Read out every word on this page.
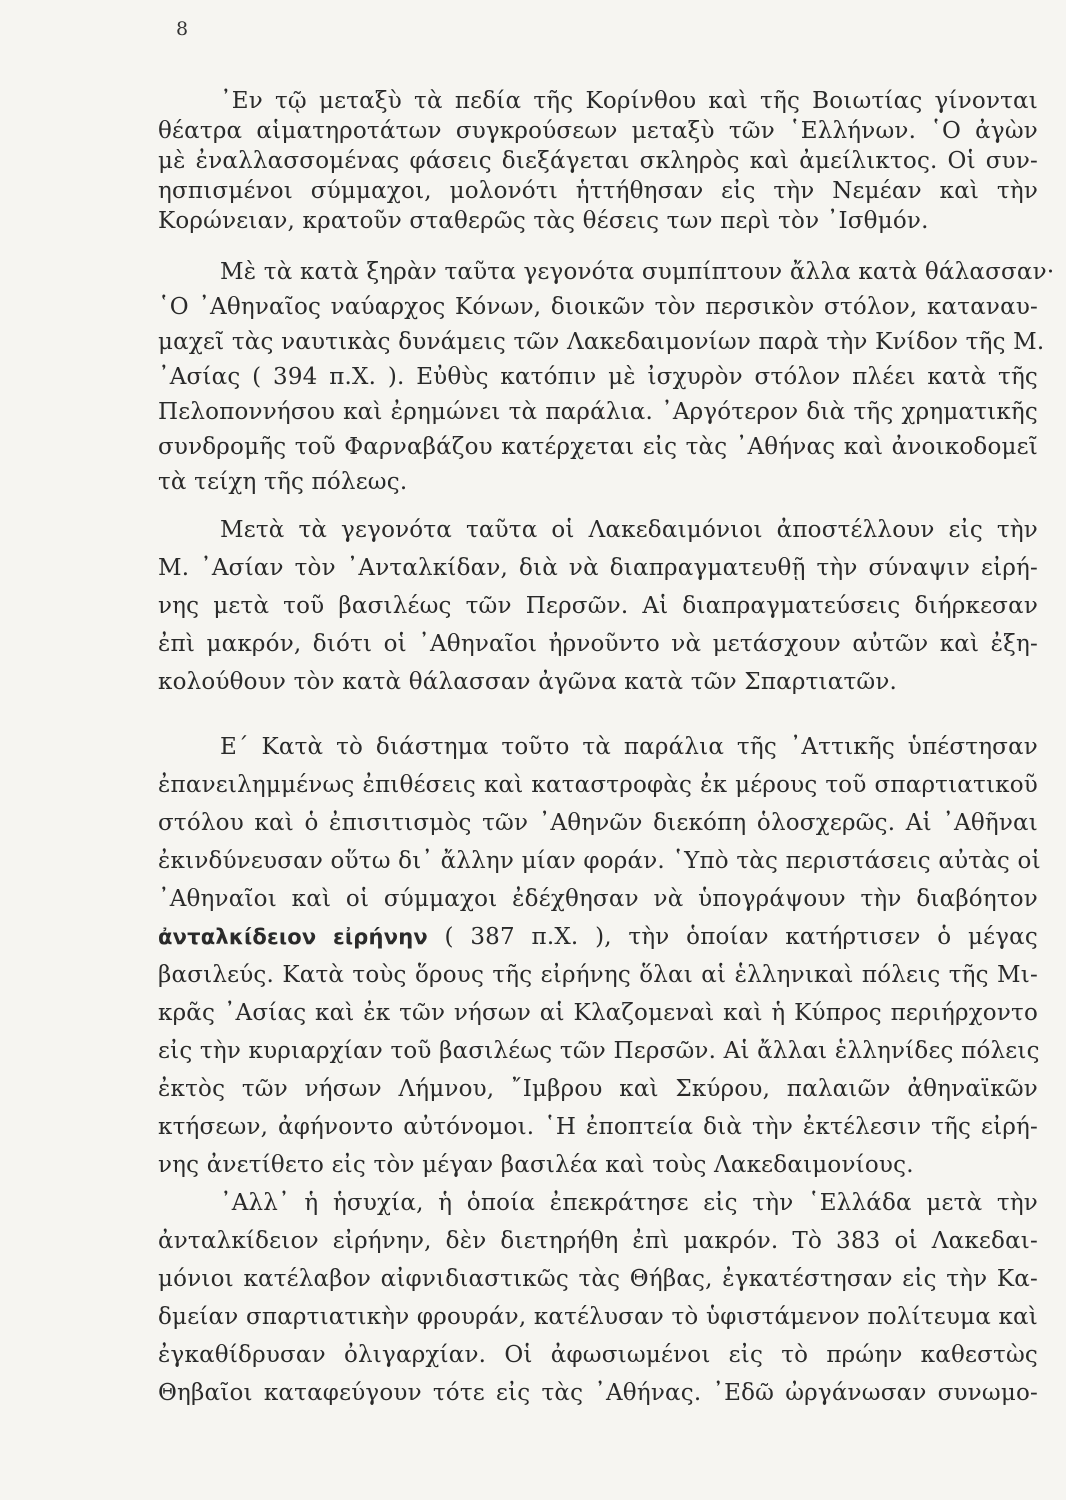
8
᾿Εν τῷ μεταξὺ τὰ πεδία τῆς Κορίνθου καὶ τῆς Βοιωτίας γίνονται
θέατρα αἱματηροτάτων συγκρούσεων μεταξὺ τῶν ῾Ελλήνων. ῾Ο ἀγὼν
μὲ ἐναλλασσομένας φάσεις διεξάγεται σκληρὸς καὶ ἀμείλικτος. Οἱ συν-
ησπισμένοι σύμμαχοι, μολονότι ἡττήθησαν εἰς τὴν Νεμέαν καὶ τὴν
Κορώνειαν, κρατοῦν σταθερῶς τὰς θέσεις των περὶ τὸν ᾿Ισθμόν.
Μὲ τὰ κατὰ ξηρὰν ταῦτα γεγονότα συμπίπτουν ἄλλα κατὰ θάλασσαν·
῾Ο ᾿Αθηναῖος ναύαρχος Κόνων, διοικῶν τὸν περσικὸν στόλον, καταναυ-
μαχεῖ τὰς ναυτικὰς δυνάμεις τῶν Λακεδαιμονίων παρὰ τὴν Κνίδον τῆς Μ.
᾿Ασίας ( 394 π.Χ. ). Εὐθὺς κατόπιν μὲ ἰσχυρὸν στόλον πλέει κατὰ τῆς
Πελοποννήσου καὶ ἐρημώνει τὰ παράλια. ᾿Αργότερον διὰ τῆς χρηματικῆς
συνδρομῆς τοῦ Φαρναβάζου κατέρχεται εἰς τὰς ᾿Αθήνας καὶ ἀνοικοδομεῖ
τὰ τείχη τῆς πόλεως.
Μετὰ τὰ γεγονότα ταῦτα οἱ Λακεδαιμόνιοι ἀποστέλλουν εἰς τὴν
Μ. ᾿Ασίαν τὸν ᾿Ανταλκίδαν, διὰ νὰ διαπραγματευθῇ τὴν σύναψιν εἰρή-
νης μετὰ τοῦ βασιλέως τῶν Περσῶν. Αἱ διαπραγματεύσεις διήρκεσαν
ἐπὶ μακρόν, διότι οἱ ᾿Αθηναῖοι ἠρνοῦντο νὰ μετάσχουν αὐτῶν καὶ ἐξη-
κολούθουν τὸν κατὰ θάλασσαν ἀγῶνα κατὰ τῶν Σπαρτιατῶν.
Ε΄ Κατὰ τὸ διάστημα τοῦτο τὰ παράλια τῆς ᾿Αττικῆς ὑπέστησαν
ἐπανειλημμένως ἐπιθέσεις καὶ καταστροφὰς ἐκ μέρους τοῦ σπαρτιατικοῦ
στόλου καὶ ὁ ἐπισιτισμὸς τῶν ᾿Αθηνῶν διεκόπη ὁλοσχερῶς. Αἱ ᾿Αθῆναι
ἐκινδύνευσαν οὕτω δι᾿ ἄλλην μίαν φοράν. ῾Υπὸ τὰς περιστάσεις αὐτὰς οἱ
᾿Αθηναῖοι καὶ οἱ σύμμαχοι ἐδέχθησαν νὰ ὑπογράψουν τὴν διαβόητον
ἀνταλκίδειον εἰρήνην ( 387 π.Χ. ), τὴν ὁποίαν κατήρτισεν ὁ μέγας
βασιλεύς. Κατὰ τοὺς ὅρους τῆς εἰρήνης ὅλαι αἱ ἑλληνικαὶ πόλεις τῆς Μι-
κρᾶς ᾿Ασίας καὶ ἐκ τῶν νήσων αἱ Κλαζομεναὶ καὶ ἡ Κύπρος περιήρχοντο
εἰς τὴν κυριαρχίαν τοῦ βασιλέως τῶν Περσῶν. Αἱ ἄλλαι ἑλληνίδες πόλεις
ἐκτὸς τῶν νήσων Λήμνου, ῎Ιμβρου καὶ Σκύρου, παλαιῶν ἀθηναϊκῶν
κτήσεων, ἀφήνοντο αὐτόνομοι. ῾Η ἐποπτεία διὰ τὴν ἐκτέλεσιν τῆς εἰρή-
νης ἀνετίθετο εἰς τὸν μέγαν βασιλέα καὶ τοὺς Λακεδαιμονίους.
᾿Αλλ᾿ ἡ ἡσυχία, ἡ ὁποία ἐπεκράτησε εἰς τὴν ῾Ελλάδα μετὰ τὴν
ἀνταλκίδειον εἰρήνην, δὲν διετηρήθη ἐπὶ μακρόν. Τὸ 383 οἱ Λακεδαι-
μόνιοι κατέλαβον αἰφνιδιαστικῶς τὰς Θήβας, ἐγκατέστησαν εἰς τὴν Κα-
δμείαν σπαρτιατικὴν φρουράν, κατέλυσαν τὸ ὑφιστάμενον πολίτευμα καὶ
ἐγκαθίδρυσαν ὀλιγαρχίαν. Οἱ ἀφωσιωμένοι εἰς τὸ πρώην καθεστὼς
Θηβαῖοι καταφεύγουν τότε εἰς τὰς ᾿Αθήνας. ᾿Εδῶ ὠργάνωσαν συνωμο-
